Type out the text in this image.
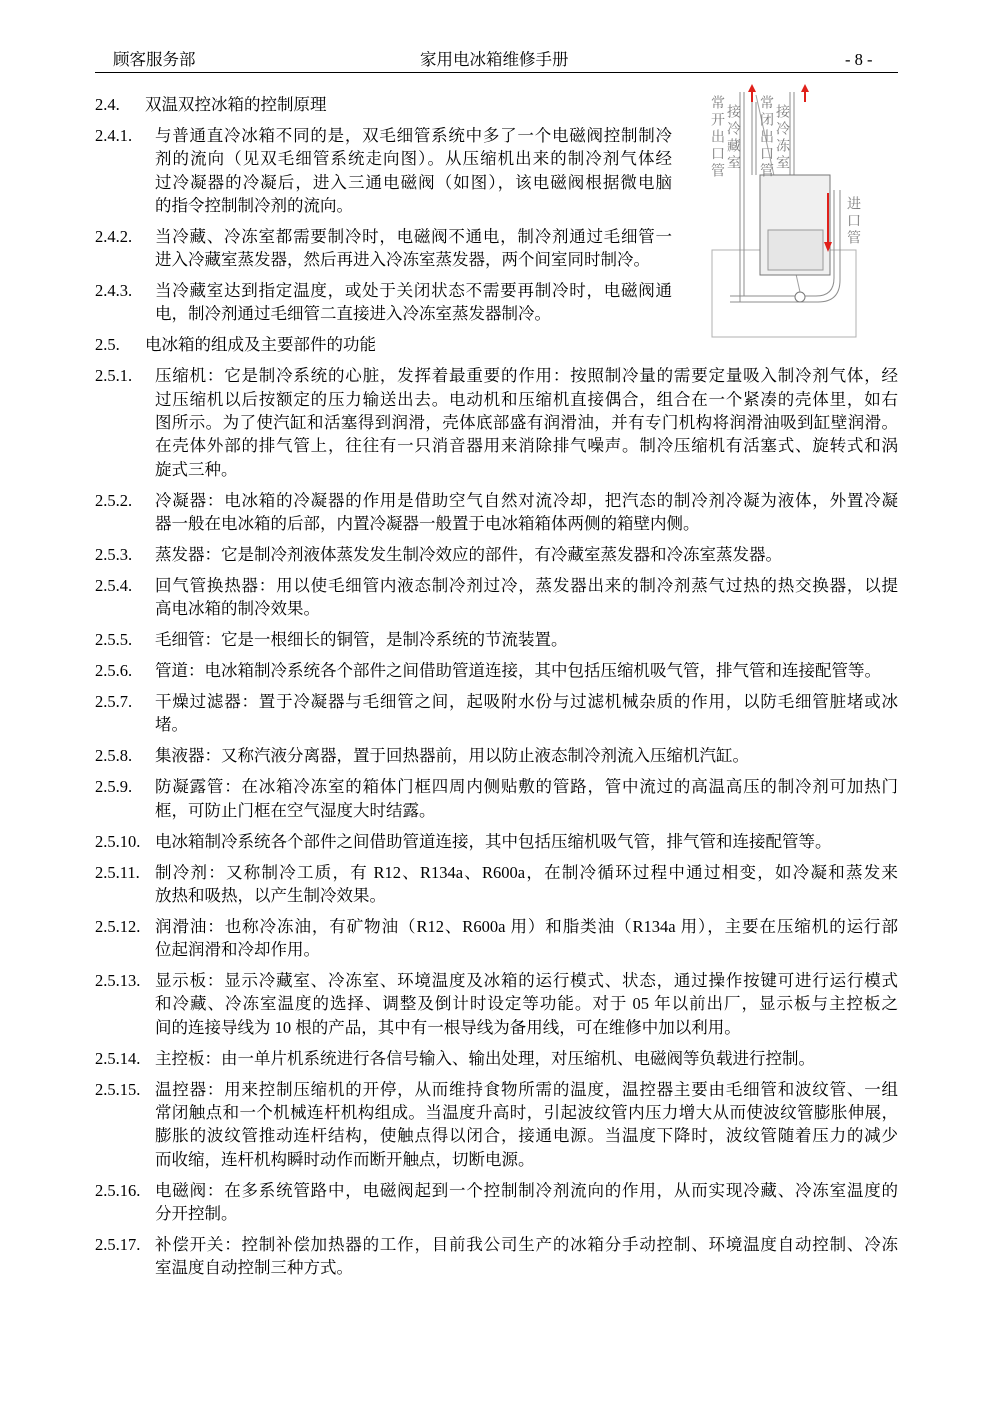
顾客服务部	家用电冰箱维修手册	- 8 -
常开出口管 接冷藏室 常闭出口管 接冷冻室
进口管
2.4.	双温双控冰箱的控制原理
2.4.1.	与普通直冷冰箱不同的是，双毛细管系统中多了一个电磁阀控制制冷
剂的流向（见双毛细管系统走向图）。从压缩机出来的制冷剂气体经
过冷凝器的冷凝后，进入三通电磁阀（如图），该电磁阀根据微电脑
的指令控制制冷剂的流向。
2.4.2.	当冷藏、冷冻室都需要制冷时，电磁阀不通电，制冷剂通过毛细管一
进入冷藏室蒸发器，然后再进入冷冻室蒸发器，两个间室同时制冷。
2.4.3.	当冷藏室达到指定温度，或处于关闭状态不需要再制冷时，电磁阀通
电，制冷剂通过毛细管二直接进入冷冻室蒸发器制冷。
2.5.	电冰箱的组成及主要部件的功能
2.5.1.	压缩机：它是制冷系统的心脏，发挥着最重要的作用：按照制冷量的需要定量吸入制冷剂气体，经
过压缩机以后按额定的压力输送出去。电动机和压缩机直接偶合，组合在一个紧凑的壳体里，如右
图所示。为了使汽缸和活塞得到润滑，壳体底部盛有润滑油，并有专门机构将润滑油吸到缸壁润滑。
在壳体外部的排气管上，往往有一只消音器用来消除排气噪声。制冷压缩机有活塞式、旋转式和涡
旋式三种。
2.5.2.	冷凝器：电冰箱的冷凝器的作用是借助空气自然对流冷却，把汽态的制冷剂冷凝为液体，外置冷凝
器一般在电冰箱的后部，内置冷凝器一般置于电冰箱箱体两侧的箱壁内侧。
2.5.3.	蒸发器：它是制冷剂液体蒸发发生制冷效应的部件，有冷藏室蒸发器和冷冻室蒸发器。
2.5.4.	回气管换热器：用以使毛细管内液态制冷剂过冷，蒸发器出来的制冷剂蒸气过热的热交换器，以提
高电冰箱的制冷效果。
2.5.5.	毛细管：它是一根细长的铜管，是制冷系统的节流装置。
2.5.6.	管道：电冰箱制冷系统各个部件之间借助管道连接，其中包括压缩机吸气管，排气管和连接配管等。
2.5.7.	干燥过滤器：置于冷凝器与毛细管之间，起吸附水份与过滤机械杂质的作用，以防毛细管脏堵或冰
堵。
2.5.8.	集液器：又称汽液分离器，置于回热器前，用以防止液态制冷剂流入压缩机汽缸。
2.5.9.	防凝露管：在冰箱冷冻室的箱体门框四周内侧贴敷的管路，管中流过的高温高压的制冷剂可加热门
框，可防止门框在空气湿度大时结露。
2.5.10. 电冰箱制冷系统各个部件之间借助管道连接，其中包括压缩机吸气管，排气管和连接配管等。
2.5.11. 制冷剂：又称制冷工质，有 R12、R134a、R600a，在制冷循环过程中通过相变，如冷凝和蒸发来
放热和吸热，以产生制冷效果。
2.5.12. 润滑油：也称冷冻油，有矿物油（R12、R600a 用）和脂类油（R134a 用），主要在压缩机的运行部
位起润滑和冷却作用。
2.5.13. 显示板：显示冷藏室、冷冻室、环境温度及冰箱的运行模式、状态，通过操作按键可进行运行模式
和冷藏、冷冻室温度的选择、调整及倒计时设定等功能。对于 05 年以前出厂，显示板与主控板之
间的连接导线为 10 根的产品，其中有一根导线为备用线，可在维修中加以利用。
2.5.14. 主控板：由一单片机系统进行各信号输入、输出处理，对压缩机、电磁阀等负载进行控制。
2.5.15. 温控器：用来控制压缩机的开停，从而维持食物所需的温度，温控器主要由毛细管和波纹管、一组
常闭触点和一个机械连杆机构组成。当温度升高时，引起波纹管内压力增大从而使波纹管膨胀伸展，
膨胀的波纹管推动连杆结构，使触点得以闭合，接通电源。当温度下降时，波纹管随着压力的减少
而收缩，连杆机构瞬时动作而断开触点，切断电源。
2.5.16. 电磁阀：在多系统管路中，电磁阀起到一个控制制冷剂流向的作用，从而实现冷藏、冷冻室温度的
分开控制。
2.5.17. 补偿开关：控制补偿加热器的工作，目前我公司生产的冰箱分手动控制、环境温度自动控制、冷冻
室温度自动控制三种方式。
